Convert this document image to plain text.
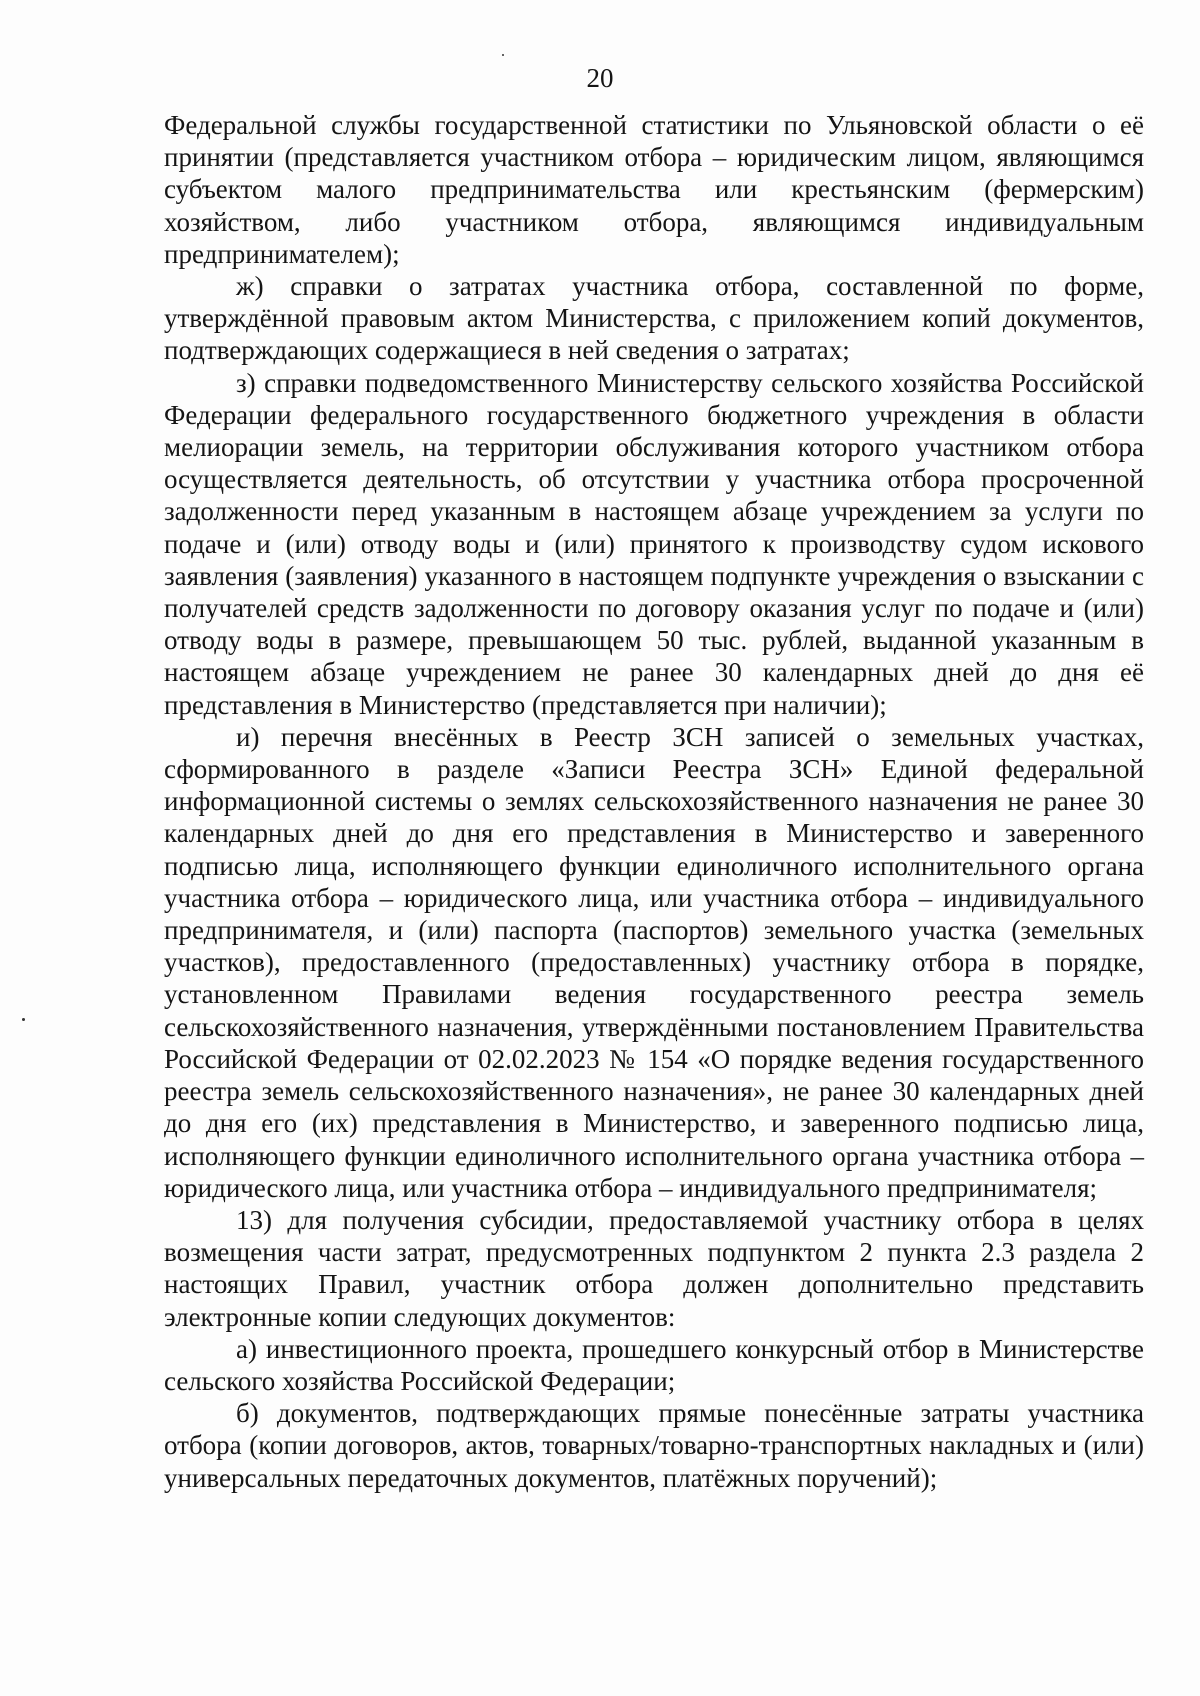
20

Федеральной службы государственной статистики по Ульяновской области о её принятии (представляется участником отбора – юридическим лицом, являющимся субъектом малого предпринимательства или крестьянским (фермерским) хозяйством, либо участником отбора, являющимся индивидуальным предпринимателем);

ж) справки о затратах участника отбора, составленной по форме, утверждённой правовым актом Министерства, с приложением копий документов, подтверждающих содержащиеся в ней сведения о затратах;

з) справки подведомственного Министерству сельского хозяйства Российской Федерации федерального государственного бюджетного учреждения в области мелиорации земель, на территории обслуживания которого участником отбора осуществляется деятельность, об отсутствии у участника отбора просроченной задолженности перед указанным в настоящем абзаце учреждением за услуги по подаче и (или) отводу воды и (или) принятого к производству судом искового заявления (заявления) указанного в настоящем подпункте учреждения о взыскании с получателей средств задолженности по договору оказания услуг по подаче и (или) отводу воды в размере, превышающем 50 тыс. рублей, выданной указанным в настоящем абзаце учреждением не ранее 30 календарных дней до дня её представления в Министерство (представляется при наличии);

и) перечня внесённых в Реестр ЗСН записей о земельных участках, сформированного в разделе «Записи Реестра ЗСН» Единой федеральной информационной системы о землях сельскохозяйственного назначения не ранее 30 календарных дней до дня его представления в Министерство и заверенного подписью лица, исполняющего функции единоличного исполнительного органа участника отбора – юридического лица, или участника отбора – индивидуального предпринимателя, и (или) паспорта (паспортов) земельного участка (земельных участков), предоставленного (предоставленных) участнику отбора в порядке, установленном Правилами ведения государственного реестра земель сельскохозяйственного назначения, утверждёнными постановлением Правительства Российской Федерации от 02.02.2023 № 154 «О порядке ведения государственного реестра земель сельскохозяйственного назначения», не ранее 30 календарных дней до дня его (их) представления в Министерство, и заверенного подписью лица, исполняющего функции единоличного исполнительного органа участника отбора – юридического лица, или участника отбора – индивидуального предпринимателя;

13) для получения субсидии, предоставляемой участнику отбора в целях возмещения части затрат, предусмотренных подпунктом 2 пункта 2.3 раздела 2 настоящих Правил, участник отбора должен дополнительно представить электронные копии следующих документов:

а) инвестиционного проекта, прошедшего конкурсный отбор в Министерстве сельского хозяйства Российской Федерации;

б) документов, подтверждающих прямые понесённые затраты участника отбора (копии договоров, актов, товарных/товарно-транспортных накладных и (или) универсальных передаточных документов, платёжных поручений);
